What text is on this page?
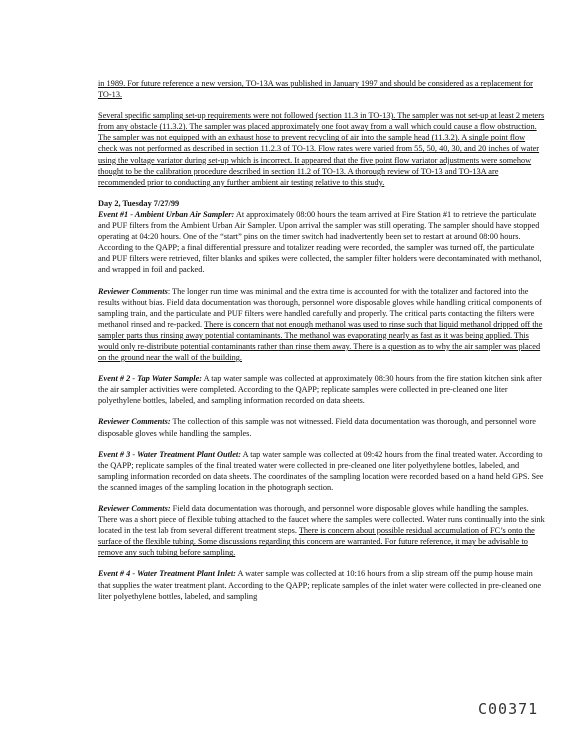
in 1989. For future reference a new version, TO-13A was published in January 1997 and should be considered as a replacement for TO-13.

Several specific sampling set-up requirements were not followed (section 11.3 in TO-13). The sampler was not set-up at least 2 meters from any obstacle (11.3.2). The sampler was placed approximately one foot away from a wall which could cause a flow obstruction. The sampler was not equipped with an exhaust hose to prevent recycling of air into the sample head (11.3.2). A single point flow check was not performed as described in section 11.2.3 of TO-13. Flow rates were varied from 55, 50, 40, 30, and 20 inches of water using the voltage variator during set-up which is incorrect. It appeared that the five point flow variator adjustments were somehow thought to be the calibration procedure described in section 11.2 of TO-13. A thorough review of TO-13 and TO-13A are recommended prior to conducting any further ambient air testing relative to this study.

Day 2, Tuesday 7/27/99

Event #1 - Ambient Urban Air Sampler: At approximately 08:00 hours the team arrived at Fire Station #1 to retrieve the particulate and PUF filters from the Ambient Urban Air Sampler. Upon arrival the sampler was still operating. The sampler should have stopped operating at 04:20 hours. One of the “start” pins on the timer switch had inadvertently been set to restart at around 08:00 hours. According to the QAPP; a final differential pressure and totalizer reading were recorded, the sampler was turned off, the particulate and PUF filters were retrieved, filter blanks and spikes were collected, the sampler filter holders were decontaminated with methanol, and wrapped in foil and packed.

Reviewer Comments: The longer run time was minimal and the extra time is accounted for with the totalizer and factored into the results without bias. Field data documentation was thorough, personnel wore disposable gloves while handling critical components of sampling train, and the particulate and PUF filters were handled carefully and properly. The critical parts contacting the filters were methanol rinsed and re-packed. There is concern that not enough methanol was used to rinse such that liquid methanol dripped off the sampler parts thus rinsing away potential contaminants. The methanol was evaporating nearly as fast as it was being applied. This would only re-distribute potential contaminants rather than rinse them away. There is a question as to why the air sampler was placed on the ground near the wall of the building.

Event # 2 - Tap Water Sample: A tap water sample was collected at approximately 08:30 hours from the fire station kitchen sink after the air sampler activities were completed. According to the QAPP; replicate samples were collected in pre-cleaned one liter polyethylene bottles, labeled, and sampling information recorded on data sheets.

Reviewer Comments: The collection of this sample was not witnessed. Field data documentation was thorough, and personnel wore disposable gloves while handling the samples.

Event # 3 - Water Treatment Plant Outlet: A tap water sample was collected at 09:42 hours from the final treated water. According to the QAPP; replicate samples of the final treated water were collected in pre-cleaned one liter polyethylene bottles, labeled, and sampling information recorded on data sheets. The coordinates of the sampling location were recorded based on a hand held GPS. See the scanned images of the sampling location in the photograph section.

Reviewer Comments: Field data documentation was thorough, and personnel wore disposable gloves while handling the samples. There was a short piece of flexible tubing attached to the faucet where the samples were collected. Water runs continually into the sink located in the test lab from several different treatment steps. There is concern about possible residual accumulation of FC’s onto the surface of the flexible tubing. Some discussions regarding this concern are warranted. For future reference, it may be advisable to remove any such tubing before sampling.

Event # 4 - Water Treatment Plant Inlet: A water sample was collected at 10:16 hours from a slip stream off the pump house main that supplies the water treatment plant. According to the QAPP; replicate samples of the inlet water were collected in pre-cleaned one liter polyethylene bottles, labeled, and sampling

C00371
